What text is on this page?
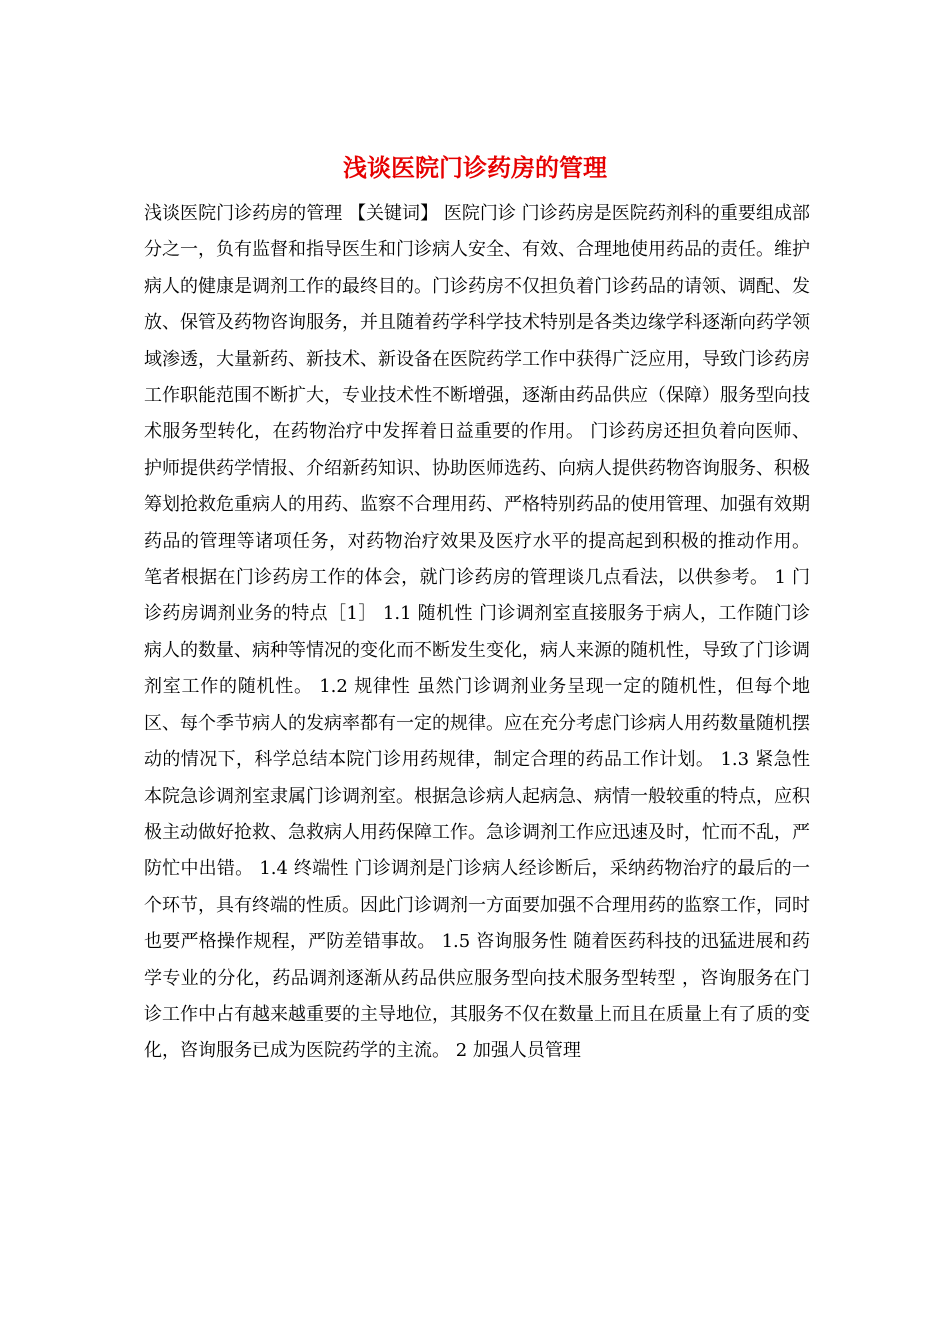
浅谈医院门诊药房的管理

浅谈医院门诊药房的管理 【关键词】 医院门诊 门诊药房是医院药剂科的重要组成部分之一，负有监督和指导医生和门诊病人安全、有效、合理地使用药品的责任。维护病人的健康是调剂工作的最终目的。门诊药房不仅担负着门诊药品的请领、调配、发放、保管及药物咨询服务，并且随着药学科学技术特别是各类边缘学科逐渐向药学领域渗透，大量新药、新技术、新设备在医院药学工作中获得广泛应用，导致门诊药房工作职能范围不断扩大，专业技术性不断增强，逐渐由药品供应（保障）服务型向技术服务型转化，在药物治疗中发挥着日益重要的作用。 门诊药房还担负着向医师、护师提供药学情报、介绍新药知识、协助医师选药、向病人提供药物咨询服务、积极筹划抢救危重病人的用药、监察不合理用药、严格特别药品的使用管理、加强有效期药品的管理等诸项任务，对药物治疗效果及医疗水平的提高起到积极的推动作用。 笔者根据在门诊药房工作的体会，就门诊药房的管理谈几点看法，以供参考。 1 门诊药房调剂业务的特点［1］ 1.1 随机性 门诊调剂室直接服务于病人，工作随门诊病人的数量、病种等情况的变化而不断发生变化，病人来源的随机性，导致了门诊调剂室工作的随机性。 1.2 规律性 虽然门诊调剂业务呈现一定的随机性，但每个地区、每个季节病人的发病率都有一定的规律。应在充分考虑门诊病人用药数量随机摆动的情况下，科学总结本院门诊用药规律，制定合理的药品工作计划。 1.3 紧急性 本院急诊调剂室隶属门诊调剂室。根据急诊病人起病急、病情一般较重的特点，应积极主动做好抢救、急救病人用药保障工作。急诊调剂工作应迅速及时，忙而不乱，严防忙中出错。 1.4 终端性 门诊调剂是门诊病人经诊断后，采纳药物治疗的最后的一个环节，具有终端的性质。因此门诊调剂一方面要加强不合理用药的监察工作，同时也要严格操作规程，严防差错事故。 1.5 咨询服务性 随着医药科技的迅猛进展和药学专业的分化，药品调剂逐渐从药品供应服务型向技术服务型转型 ，咨询服务在门诊工作中占有越来越重要的主导地位，其服务不仅在数量上而且在质量上有了质的变化，咨询服务已成为医院药学的主流。 2 加强人员管理
